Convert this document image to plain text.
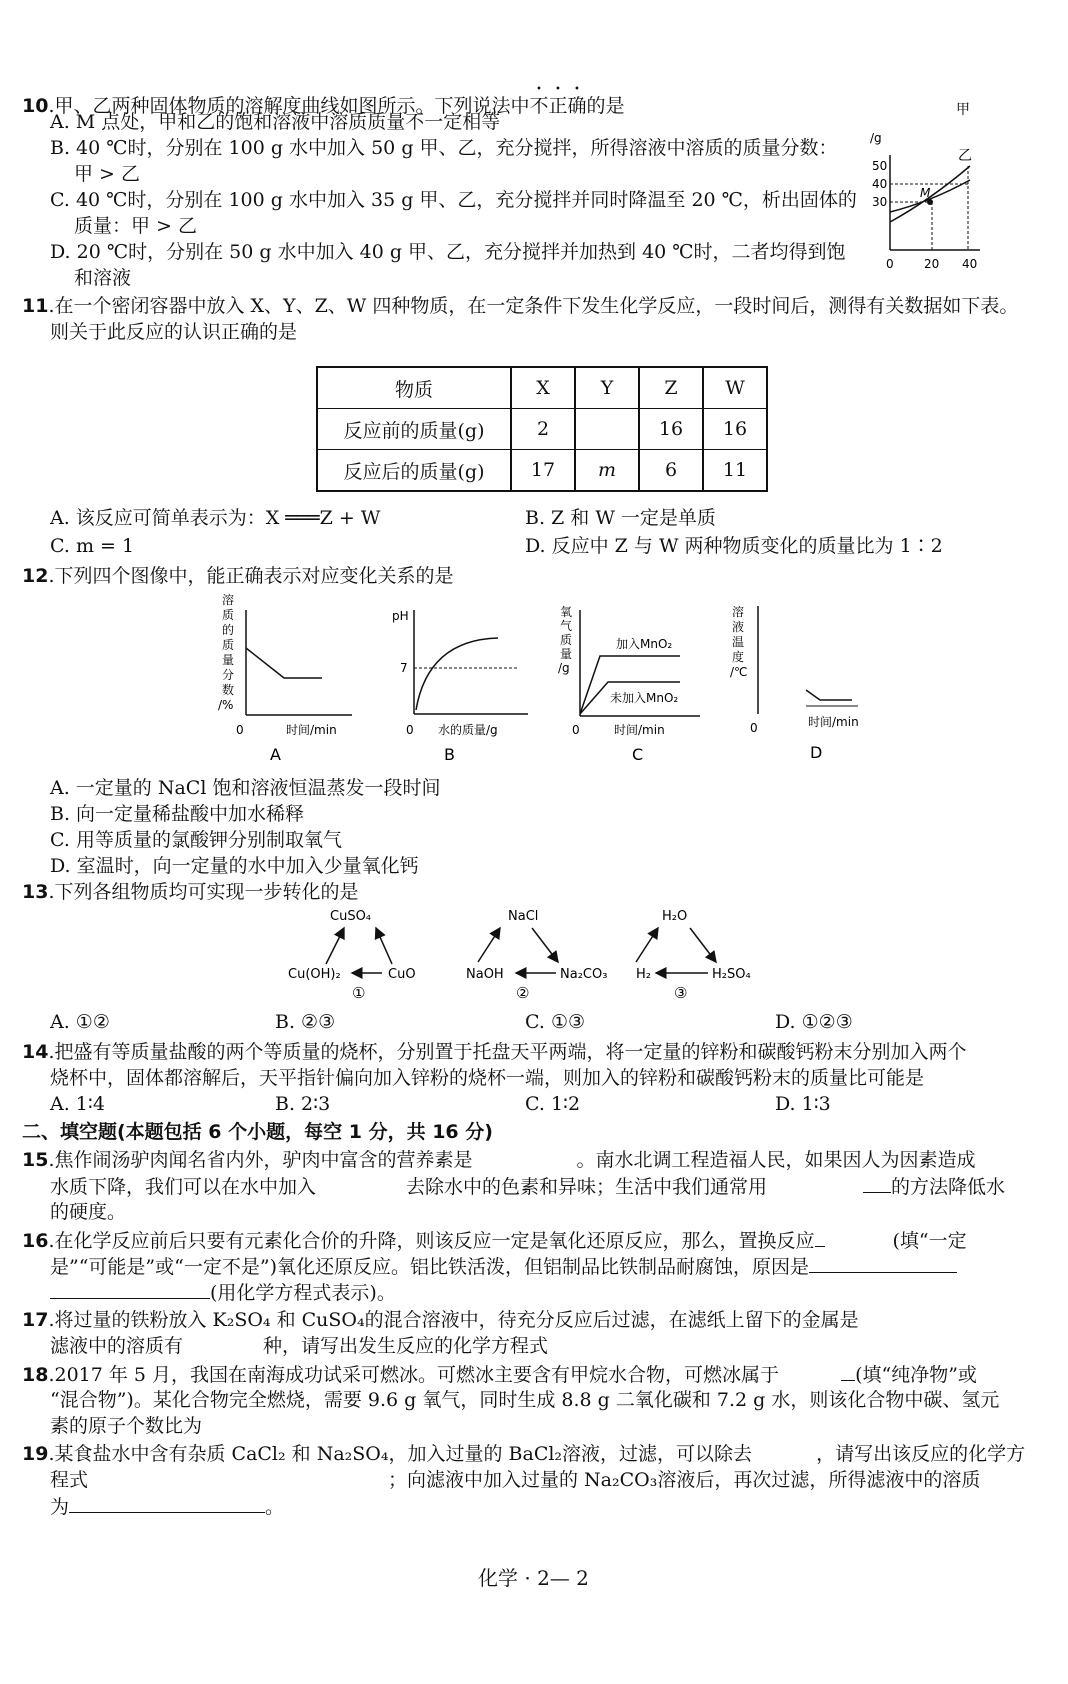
10.甲、乙两种固体物质的溶解度曲线如图所示。下列说法中不正确的是
A. M 点处，甲和乙的饱和溶液中溶质质量不一定相等
B. 40 ℃时，分别在 100 g 水中加入 50 g 甲、乙，充分搅拌，所得溶液中溶质的质量分数：
甲 > 乙
C. 40 ℃时，分别在 100 g 水中加入 35 g 甲、乙，充分搅拌并同时降温至 20 ℃，析出固体的
质量：甲 > 乙
D. 20 ℃时，分别在 50 g 水中加入 40 g 甲、乙，充分搅拌并加热到 40 ℃时，二者均得到饱
和溶液
甲
乙
/g
50
40
30
M
0	20 40
11.在一个密闭容器中放入 X、Y、Z、W 四种物质，在一定条件下发生化学反应，一段时间后，测得有关数据如下表。
则关于此反应的认识正确的是
物质	X	Y	Z	W
反应前的质量(g)	2		16	16
反应后的质量(g)	17	m	6	11
A. 该反应可简单表示为：X ═══Z + W	B. Z 和 W 一定是单质
C. m = 1	D. 反应中 Z 与 W 两种物质变化的质量比为 1∶2
12.下列四个图像中，能正确表示对应变化关系的是
溶
质
的
质
量
分
数
/%
0	时间/min
A
pH
7
0 水的质量/g
B
氧
气
质
量
/g
加入MnO₂
未加入MnO₂
0	时间/min
C
溶
液
温
度
/℃
0	时间/min
D
A. 一定量的 NaCl 饱和溶液恒温蒸发一段时间
B. 向一定量稀盐酸中加水稀释
C. 用等质量的氯酸钾分别制取氧气
D. 室温时，向一定量的水中加入少量氧化钙
13.下列各组物质均可实现一步转化的是
CuSO₄
Cu(OH)₂	CuO
①
NaCl
NaOH	Na₂CO₃
②
H₂O
H₂	H₂SO₄
③
A. ①②	B. ②③	C. ①③	D. ①②③
14.把盛有等质量盐酸的两个等质量的烧杯，分别置于托盘天平两端，将一定量的锌粉和碳酸钙粉末分别加入两个
烧杯中，固体都溶解后，天平指针偏向加入锌粉的烧杯一端，则加入的锌粉和碳酸钙粉末的质量比可能是
A. 1∶4	B. 2∶3	C. 1∶2	D. 1∶3
二、填空题(本题包括 6 个小题，每空 1 分，共 16 分)
15.焦作闹汤驴肉闻名省内外，驴肉中富含的营养素是	。南水北调工程造福人民，如果因人为因素造成
水质下降，我们可以在水中加入	去除水中的色素和异味；生活中我们通常用	的方法降低水
的硬度。
16.在化学反应前后只要有元素化合价的升降，则该反应一定是氧化还原反应，那么，置换反应	(填“一定
是”“可能是”或“一定不是”)氧化还原反应。铝比铁活泼，但铝制品比铁制品耐腐蚀，原因是
(用化学方程式表示)。
17.将过量的铁粉放入 K₂SO₄ 和 CuSO₄的混合溶液中，待充分反应后过滤，在滤纸上留下的金属是
滤液中的溶质有	种，请写出发生反应的化学方程式
18.2017 年 5 月，我国在南海成功试采可燃冰。可燃冰主要含有甲烷水合物，可燃冰属于	(填“纯净物”或
“混合物”)。某化合物完全燃烧，需要 9.6 g 氧气，同时生成 8.8 g 二氧化碳和 7.2 g 水，则该化合物中碳、氢元
素的原子个数比为
19.某食盐水中含有杂质 CaCl₂ 和 Na₂SO₄，加入过量的 BaCl₂溶液，过滤，可以除去	，请写出该反应的化学方
程式	；向滤液中加入过量的 Na₂CO₃溶液后，再次过滤，所得滤液中的溶质
为	。
化学 · 2— 2
